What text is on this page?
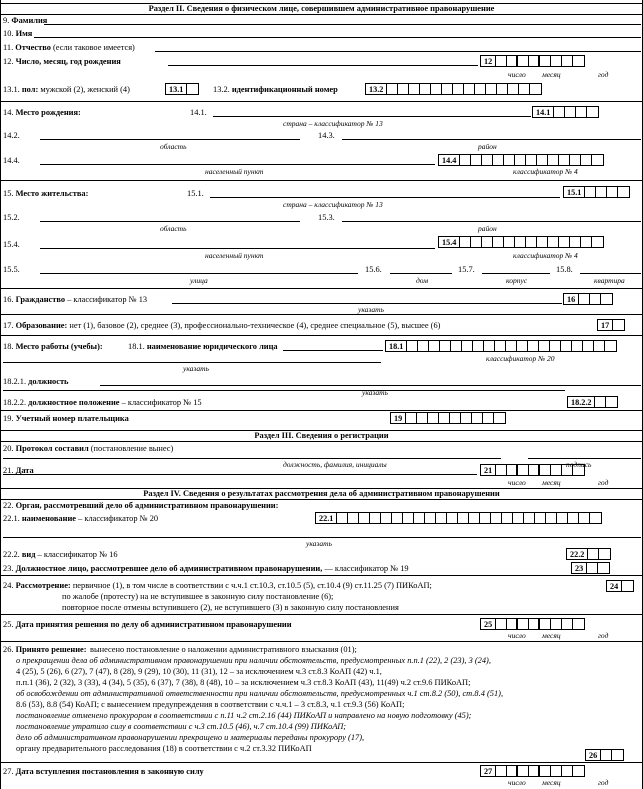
Раздел II. Сведения о физическом лице, совершившем административное правонарушение
9. Фамилия
10. Имя
11. Отчество (если таковое имеется)
12. Число, месяц, год рождения	12
число месяц	год
13.1. пол: мужской (2), женский (4)	13.1	13.2. идентификационный номер	13.2
14. Место рождения:	14.1.	14.1
страна – классификатор № 13
14.2.	14.3.
область	район
14.4.	14.4
населенный пункт	классификатор № 4
15. Место жительства:	15.1.	15.1
страна – классификатор № 13
15.2.	15.3.
область	район
15.4.	15.4
населенный пункт	классификатор № 4
15.5.	15.6.	15.7.	15.8.
улица	дом	корпус	квартира
16. Гражданство – классификатор № 13	16
указать
17. Образование: нет (1), базовое (2), среднее (3), профессионально-техническое (4), среднее специальное (5), высшее (6)	17
18. Место работы (учебы):	18.1. наименование юридического лица	18.1
классификатор № 20
указать
18.2.1. должность
18.2.2. должностное положение – классификатор № 15
указать
18.2.2
19. Учетный номер плательщика	19
Раздел III. Сведения о регистрации
20. Протокол составил (постановление вынес)
должность, фамилия, инициалы	подпись
21. Дата	21
число месяц	год
Раздел IV. Сведения о результатах рассмотрения дела об административном правонарушении
22. Орган, рассмотревший дело об административном правонарушении:
22.1. наименование – классификатор № 20	22.1
указать
22.2. вид – классификатор № 16	22.2
23. Должностное лицо, рассмотревшее дело об административном правонарушении, — классификатор № 19	23
24. Рассмотрение: первичное (1), в том числе в соответствии с ч.ч.1 ст.10.3, ст.10.5 (5), ст.10.4 (9) ст.11.25 (7) ПИКоАП;	24
по жалобе (протесту) на не вступившее в законную силу постановление (6);
повторное после отмены вступившего (2), не вступившего (3) в законную силу постановления
25. Дата принятия решения по делу об административном правонарушении	25
число месяц	год
26. Принято решение: вынесено постановление о наложении административного взыскания (01);
о прекращении дела об административном правонарушении при наличии обстоятельств, предусмотренных п.п.1 (22), 2 (23), 3 (24),
4 (25), 5 (26), 6 (27), 7 (47), 8 (28), 9 (29), 10 (30), 11 (31), 12 – за исключением ч.3 ст.8.3 КоАП (42) ч.1,
п.п.1 (36), 2 (32), 3 (33), 4 (34), 5 (35), 6 (37), 7 (38), 8 (48), 10 – за исключением ч.3 ст.8.3 КоАП (43), 11(49) ч.2 ст.9.6 ПИКоАП;
об освобождении от административной ответственности при наличии обстоятельств, предусмотренных ч.1 ст.8.2 (50), ст.8.4 (51),
8.6 (53), 8.8 (54) КоАП; с вынесением предупреждения в соответствии с ч.ч.1 – 3 ст.8.3, ч.1 ст.9.3 (56) КоАП;
постановление отменено прокурором в соответствии с п.11 ч.2 ст.2.16 (44) ПИКоАП и направлено на новую подготовку (45);
постановление утратило силу в соответствии с ч.3 ст.10.5 (46), ч.7 ст.10.4 (99) ПИКоАП;
дело об административном правонарушении прекращено и материалы переданы прокурору (17),
органу предварительного расследования (18) в соответствии с ч.2 ст.3.32 ПИКоАП
26
27. Дата вступления постановления в законную силу	27
число месяц	год
